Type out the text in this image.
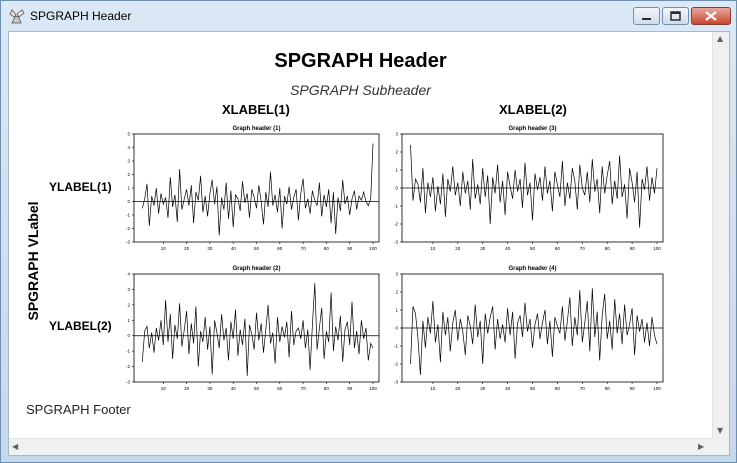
SPGRAPH Header
SPGRAPH Header
SPGRAPH Subheader
XLABEL(1)	XLABEL(2)
SPGRAPH VLabel
YLABEL(1)
YLABEL(2)
SPGRAPH Footer
Graph header (1)
10	20	30	40	50	60	70	80	90	100
-3
-2
-1
0
1
2
3
4
5
Graph header (3)
10	20	30	40	50	60	70	80	90	100
-3
-2
-1
0
1
2
3
Graph header (2)
10	20	30	40	50	60	70	80	90	100
-3
-2
-1
0
1
2
3
4
Graph header (4)
10	20	30	40	50	60	70	80	90	100
-3
-2
-1
0
1
2
3
▲
▼
◀	▶
